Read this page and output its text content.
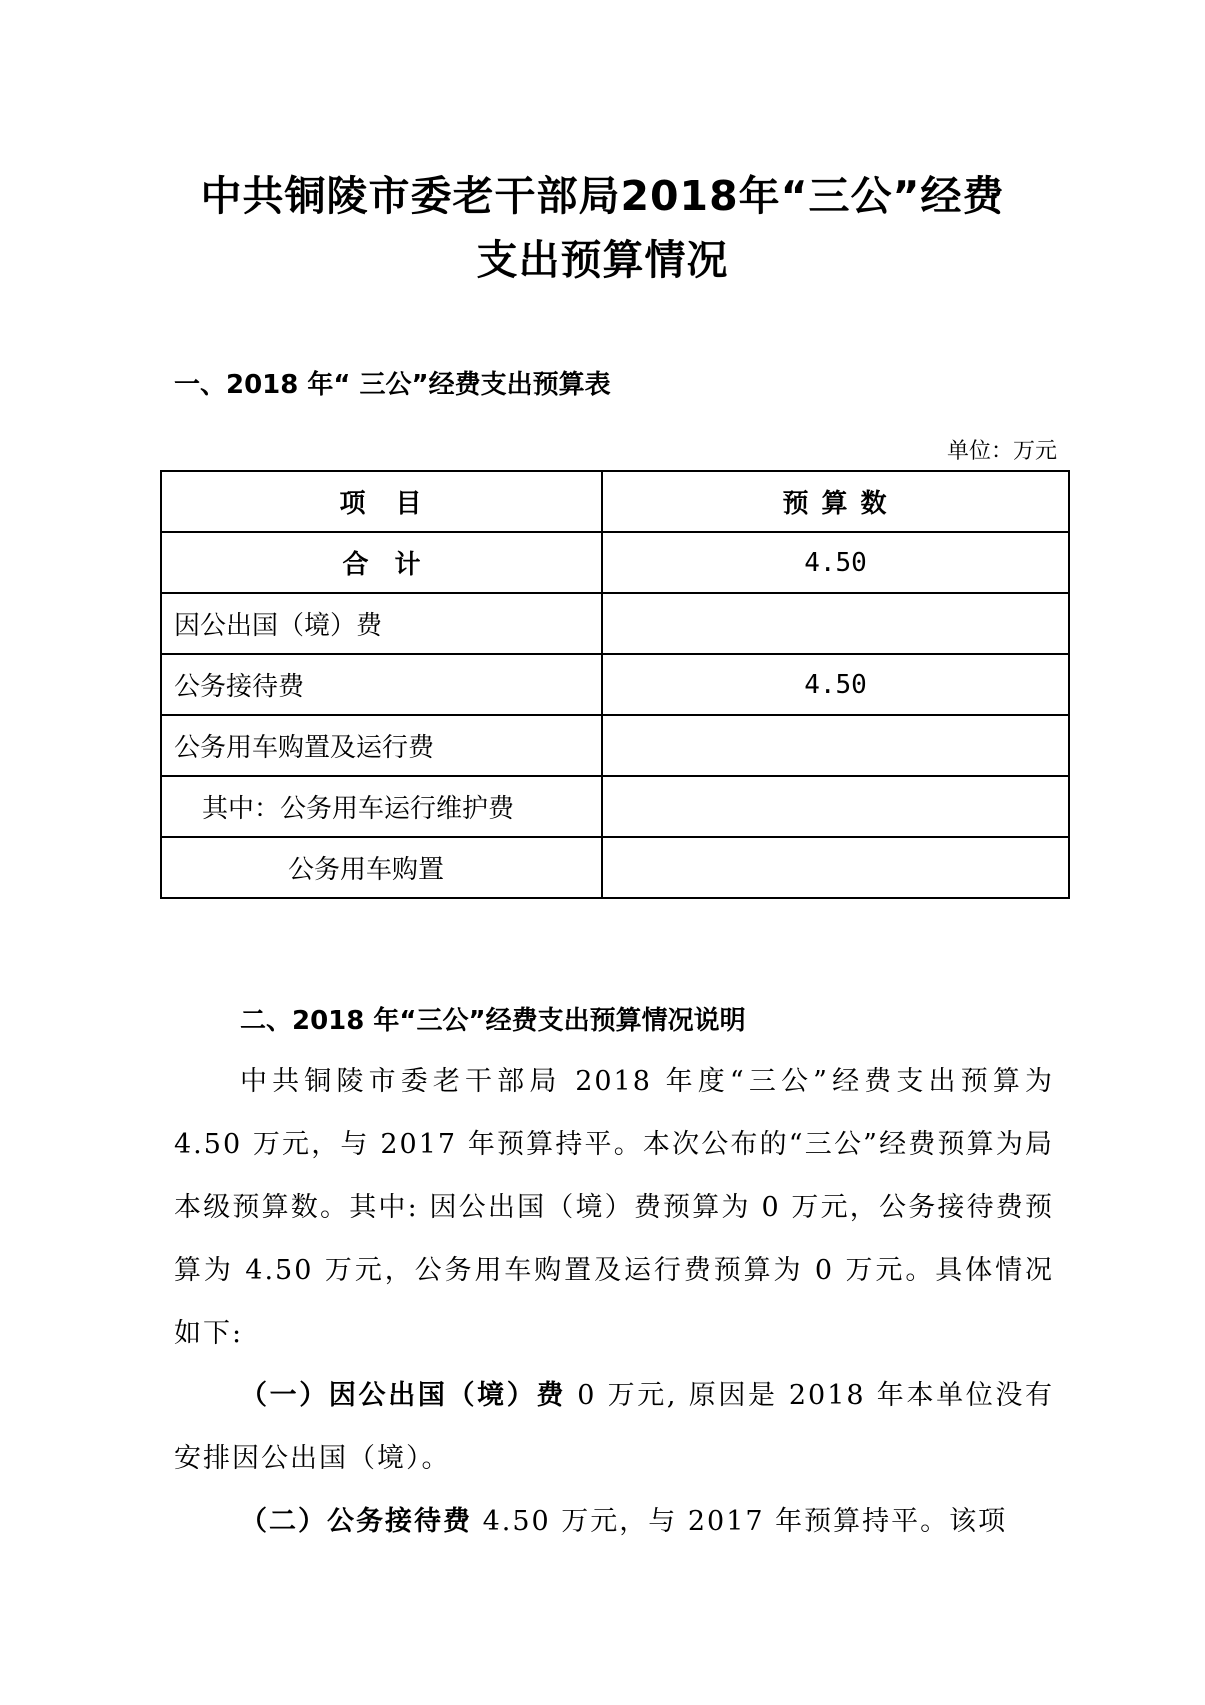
中共铜陵市委老干部局2018年“三公”经费
支出预算情况
一、2018 年“ 三公”经费支出预算表
单位：万元
项　目	预 算 数
合　计	4.50
因公出国（境）费	
公务接待费	4.50
公务用车购置及运行费	
其中：公务用车运行维护费	
公务用车购置	
二、2018 年“三公”经费支出预算情况说明

中共铜陵市委老干部局 2018 年度“三公”经费支出预算为 4.50 万元，与 2017 年预算持平。本次公布的“三公”经费预算为局本级预算数。其中: 因公出国（境）费预算为 0 万元，公务接待费预算为 4.50 万元，公务用车购置及运行费预算为 0 万元。具体情况如下:

（一）因公出国（境）费 0 万元, 原因是 2018 年本单位没有安排因公出国（境）。

（二）公务接待费 4.50 万元，与 2017 年预算持平。该项
